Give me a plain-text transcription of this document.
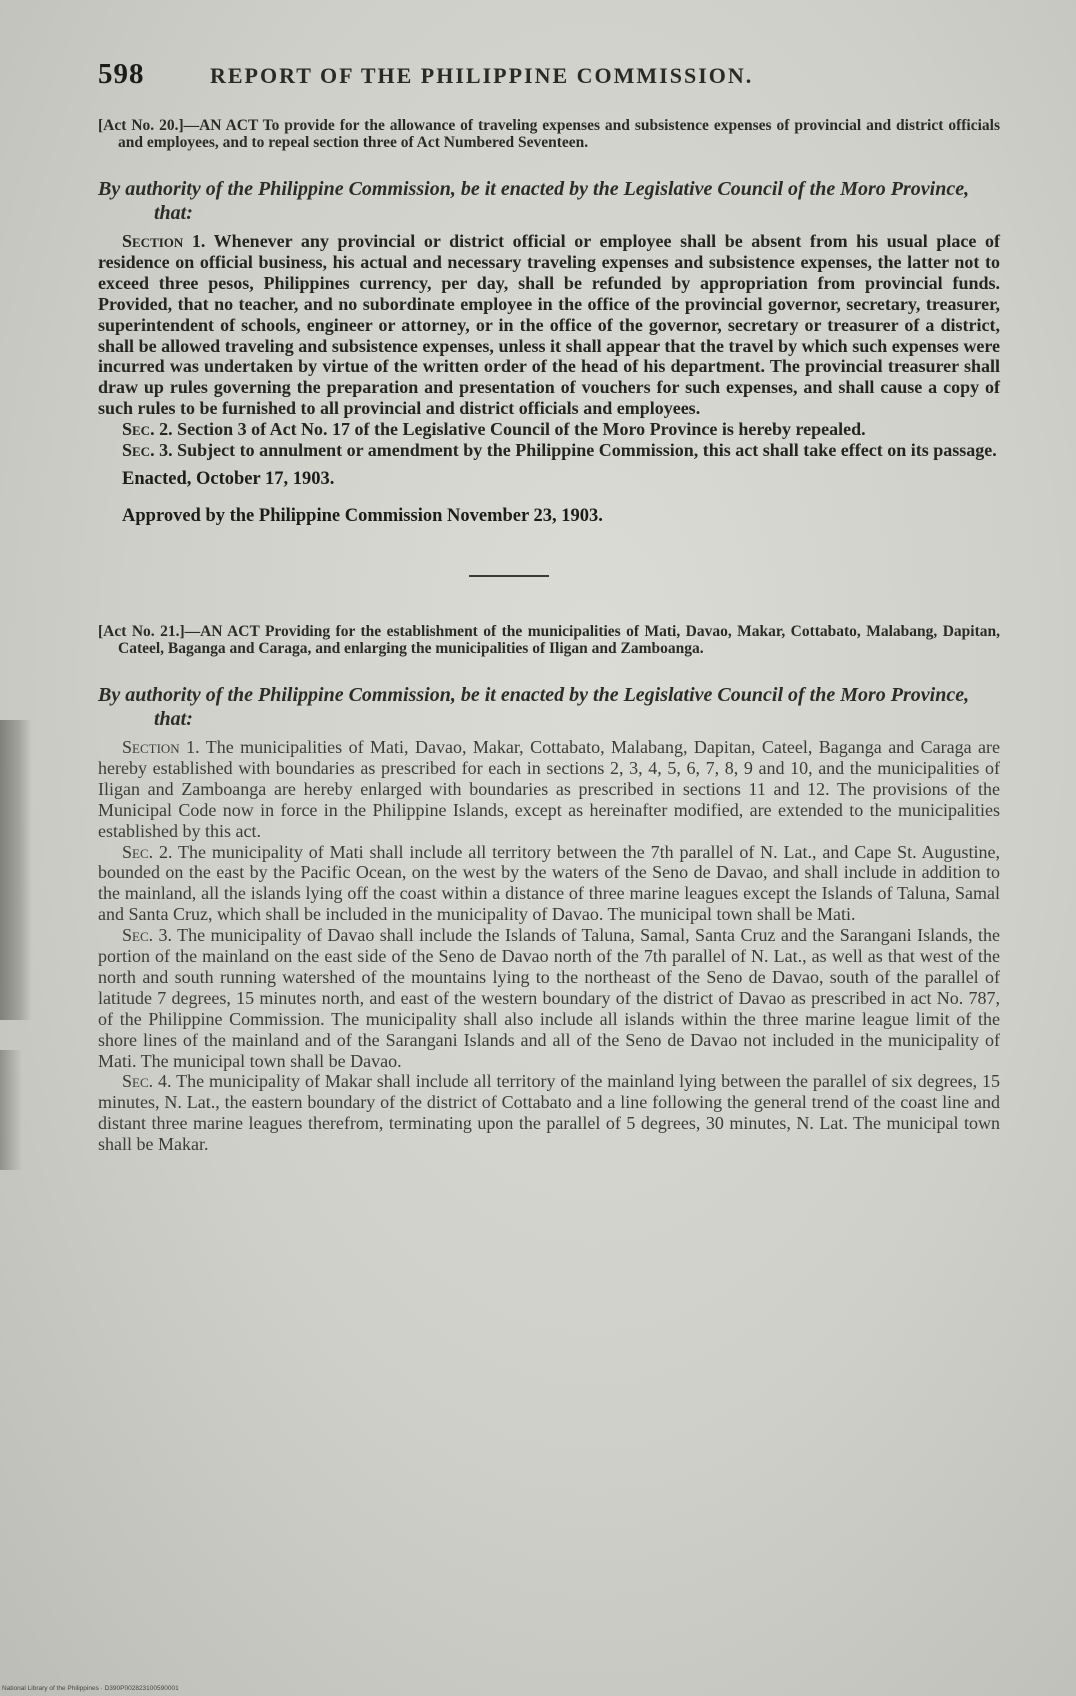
598	REPORT OF THE PHILIPPINE COMMISSION.

[Act No. 20.]—AN ACT To provide for the allowance of traveling expenses and subsistence expenses of provincial and district officials and employees, and to repeal section three of Act Numbered Seventeen.

By authority of the Philippine Commission, be it enacted by the Legislative Council of the Moro Province, that:

Section 1. Whenever any provincial or district official or employee shall be absent from his usual place of residence on official business, his actual and necessary traveling expenses and subsistence expenses, the latter not to exceed three pesos, Philippines currency, per day, shall be refunded by appropriation from provincial funds. Provided, that no teacher, and no subordinate employee in the office of the provincial governor, secretary, treasurer, superintendent of schools, engineer or attorney, or in the office of the governor, secretary or treasurer of a district, shall be allowed traveling and subsistence expenses, unless it shall appear that the travel by which such expenses were incurred was undertaken by virtue of the written order of the head of his department. The provincial treasurer shall draw up rules governing the preparation and presentation of vouchers for such expenses, and shall cause a copy of such rules to be furnished to all provincial and district officials and employees.

Sec. 2. Section 3 of Act No. 17 of the Legislative Council of the Moro Province is hereby repealed.

Sec. 3. Subject to annulment or amendment by the Philippine Commission, this act shall take effect on its passage.

Enacted, October 17, 1903.

Approved by the Philippine Commission November 23, 1903.

[Act No. 21.]—AN ACT Providing for the establishment of the municipalities of Mati, Davao, Makar, Cottabato, Malabang, Dapitan, Cateel, Baganga and Caraga, and enlarging the municipalities of Iligan and Zamboanga.

By authority of the Philippine Commission, be it enacted by the Legislative Council of the Moro Province, that:

Section 1. The municipalities of Mati, Davao, Makar, Cottabato, Malabang, Dapitan, Cateel, Baganga and Caraga are hereby established with boundaries as prescribed for each in sections 2, 3, 4, 5, 6, 7, 8, 9 and 10, and the municipalities of Iligan and Zamboanga are hereby enlarged with boundaries as prescribed in sections 11 and 12. The provisions of the Municipal Code now in force in the Philippine Islands, except as hereinafter modified, are extended to the municipalities established by this act.

Sec. 2. The municipality of Mati shall include all territory between the 7th parallel of N. Lat., and Cape St. Augustine, bounded on the east by the Pacific Ocean, on the west by the waters of the Seno de Davao, and shall include in addition to the mainland, all the islands lying off the coast within a distance of three marine leagues except the Islands of Taluna, Samal and Santa Cruz, which shall be included in the municipality of Davao. The municipal town shall be Mati.

Sec. 3. The municipality of Davao shall include the Islands of Taluna, Samal, Santa Cruz and the Sarangani Islands, the portion of the mainland on the east side of the Seno de Davao north of the 7th parallel of N. Lat., as well as that west of the north and south running watershed of the mountains lying to the northeast of the Seno de Davao, south of the parallel of latitude 7 degrees, 15 minutes north, and east of the western boundary of the district of Davao as prescribed in act No. 787, of the Philippine Commission. The municipality shall also include all islands within the three marine league limit of the shore lines of the mainland and of the Sarangani Islands and all of the Seno de Davao not included in the municipality of Mati. The municipal town shall be Davao.

Sec. 4. The municipality of Makar shall include all territory of the mainland lying between the parallel of six degrees, 15 minutes, N. Lat., the eastern boundary of the district of Cottabato and a line following the general trend of the coast line and distant three marine leagues therefrom, terminating upon the parallel of 5 degrees, 30 minutes, N. Lat. The municipal town shall be Makar.

National Library of the Philippines · D390P002823100590001
